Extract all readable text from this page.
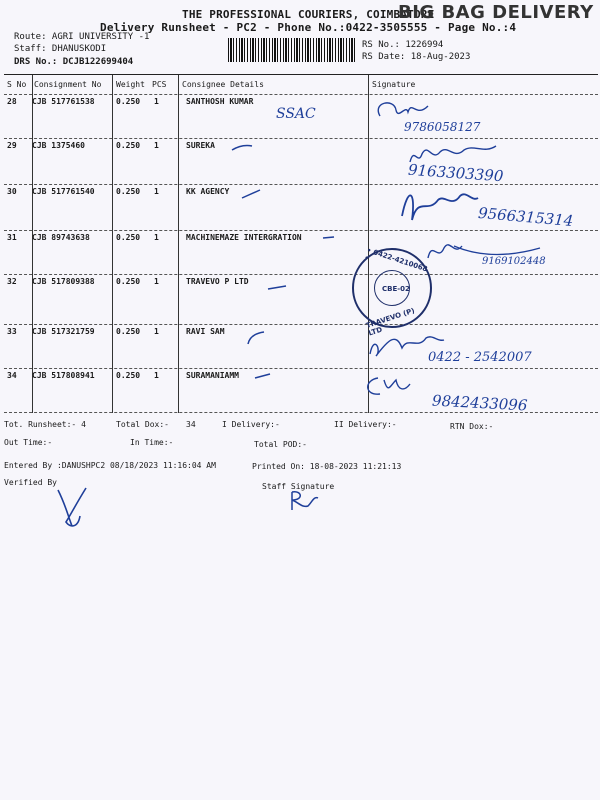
THE PROFESSIONAL COURIERS, COIMBATORE
BIG BAG DELIVERY
Delivery Runsheet - PC2 - Phone No.:0422-3505555 - Page No.:4
Route: AGRI UNIVERSITY -1
Staff: DHANUSKODI
DRS No.: DCJB122699404
RS No.: 1226994
RS Date: 18-Aug-2023
S No Consignment No Weight PCS Consignee Details	Signature
28 CJB 517761538	0.250 1	SANTHOSH KUMAR
29 CJB 1375460	0.250 1	SUREKA
30 CJB 517761540	0.250 1	KK AGENCY
31 CJB 89743638	0.250 1	MACHINEMAZE INTERGRATION
32 CJB 517809388	0.250 1	TRAVEVO P LTD
33 CJB 517321759	0.250 1	RAVI SAM
34 CJB 517808941	0.250 1	SURAMANIAMM
SSAC
9786058127
9163303390
9566315314
9169102448
• 0422-4210068 •
CBE-02
TRAVEVO (P) LTD
0422 - 2542007
9842433096
Tot. Runsheet:- 4	Total Dox:- 34	I Delivery:-	II Delivery:-	RTN Dox:-
Out Time:-	In Time:-	Total POD:-
Entered By :DANUSHPC2 08/18/2023 11:16:04 AM	Printed On: 18-08-2023 11:21:13
Verified By	Staff Signature
